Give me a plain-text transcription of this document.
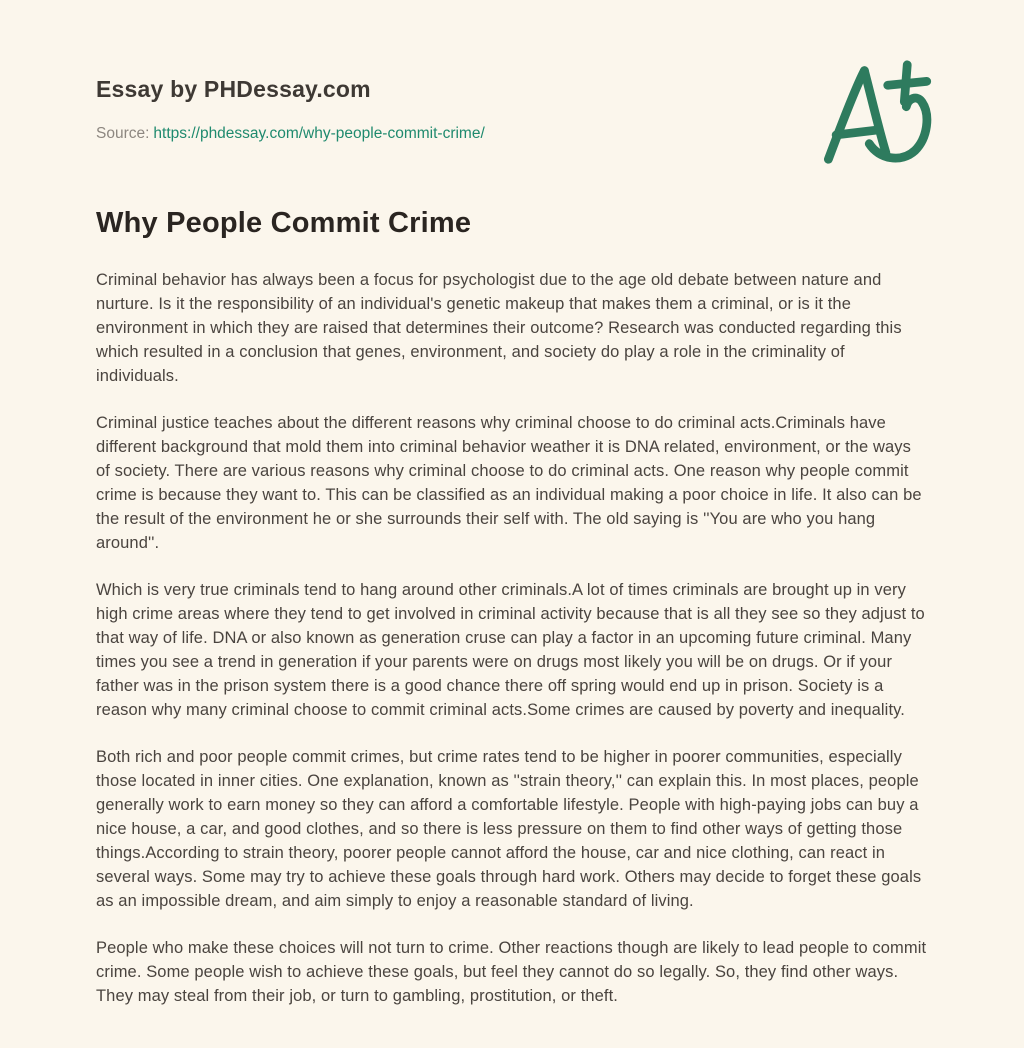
Essay by PHDessay.com
Source: https://phdessay.com/why-people-commit-crime/
Why People Commit Crime

Criminal behavior has always been a focus for psychologist due to the age old debate between nature and nurture. Is it the responsibility of an individual's genetic makeup that makes them a criminal, or is it the environment in which they are raised that determines their outcome? Research was conducted regarding this which resulted in a conclusion that genes, environment, and society do play a role in the criminality of individuals.

Criminal justice teaches about the different reasons why criminal choose to do criminal acts.Criminals have different background that mold them into criminal behavior weather it is DNA related, environment, or the ways of society. There are various reasons why criminal choose to do criminal acts. One reason why people commit crime is because they want to. This can be classified as an individual making a poor choice in life. It also can be the result of the environment he or she surrounds their self with. The old saying is ''You are who you hang around''.

Which is very true criminals tend to hang around other criminals.A lot of times criminals are brought up in very high crime areas where they tend to get involved in criminal activity because that is all they see so they adjust to that way of life. DNA or also known as generation cruse can play a factor in an upcoming future criminal. Many times you see a trend in generation if your parents were on drugs most likely you will be on drugs. Or if your father was in the prison system there is a good chance there off spring would end up in prison. Society is a reason why many criminal choose to commit criminal acts.Some crimes are caused by poverty and inequality.

Both rich and poor people commit crimes, but crime rates tend to be higher in poorer communities, especially those located in inner cities. One explanation, known as ''strain theory,'' can explain this. In most places, people generally work to earn money so they can afford a comfortable lifestyle. People with high-paying jobs can buy a nice house, a car, and good clothes, and so there is less pressure on them to find other ways of getting those things.According to strain theory, poorer people cannot afford the house, car and nice clothing, can react in several ways. Some may try to achieve these goals through hard work. Others may decide to forget these goals as an impossible dream, and aim simply to enjoy a reasonable standard of living.

People who make these choices will not turn to crime. Other reactions though are likely to lead people to commit crime. Some people wish to achieve these goals, but feel they cannot do so legally. So, they find other ways. They may steal from their job, or turn to gambling, prostitution, or theft.
